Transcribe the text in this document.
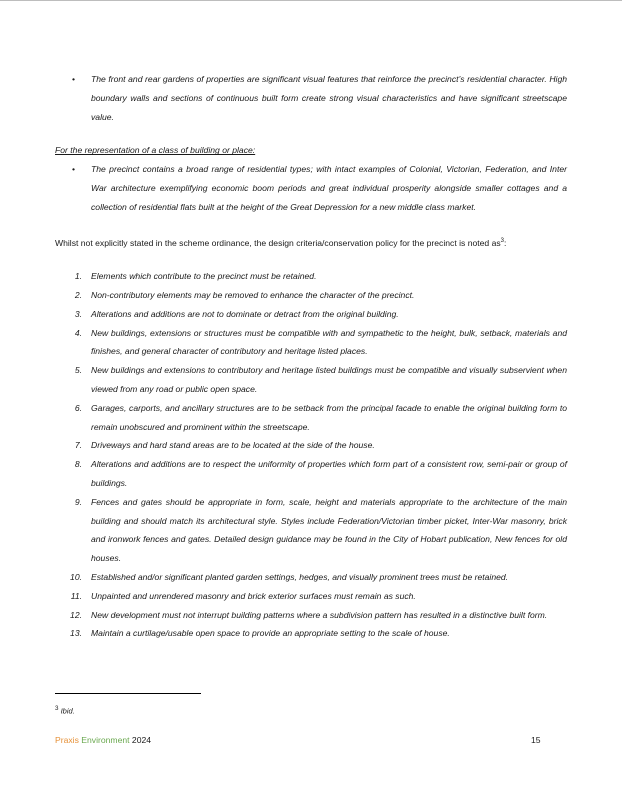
• The front and rear gardens of properties are significant visual features that reinforce the precinct’s residential character. High boundary walls and sections of continuous built form create strong visual characteristics and have significant streetscape value.
For the representation of a class of building or place:
• The precinct contains a broad range of residential types; with intact examples of Colonial, Victorian, Federation, and Inter War architecture exemplifying economic boom periods and great individual prosperity alongside smaller cottages and a collection of residential flats built at the height of the Great Depression for a new middle class market.

Whilst not explicitly stated in the scheme ordinance, the design criteria/conservation policy for the precinct is noted $as^3$:

1. Elements which contribute to the precinct must be retained.
2. Non-contributory elements may be removed to enhance the character of the precinct.
3. Alterations and additions are not to dominate or detract from the original building.
4. New buildings, extensions or structures must be compatible with and sympathetic to the height, bulk, setback, materials and finishes, and general character of contributory and heritage listed places.
5. New buildings and extensions to contributory and heritage listed buildings must be compatible and visually subservient when viewed from any road or public open space.
6. Garages, carports, and ancillary structures are to be setback from the principal facade to enable the original building form to remain unobscured and prominent within the streetscape.
7. Driveways and hard stand areas are to be located at the side of the house.
8. Alterations and additions are to respect the uniformity of properties which form part of a consistent row, semi-pair or group of buildings.
9. Fences and gates should be appropriate in form, scale, height and materials appropriate to the architecture of the main building and should match its architectural style. Styles include Federation/Victorian timber picket, Inter-War masonry, brick and ironwork fences and gates. Detailed design guidance may be found in the City of Hobart publication, New fences for old houses.
10. Established and/or significant planted garden settings, hedges, and visually prominent trees must be retained.
11. Unpainted and unrendered masonry and brick exterior surfaces must remain as such.
12. New development must not interrupt building patterns where a subdivision pattern has resulted in a distinctive built form.
13. Maintain a curtilage/usable open space to provide an appropriate setting to the scale of house.
$^3$ Ibid.
Praxis Environment 2024	15
